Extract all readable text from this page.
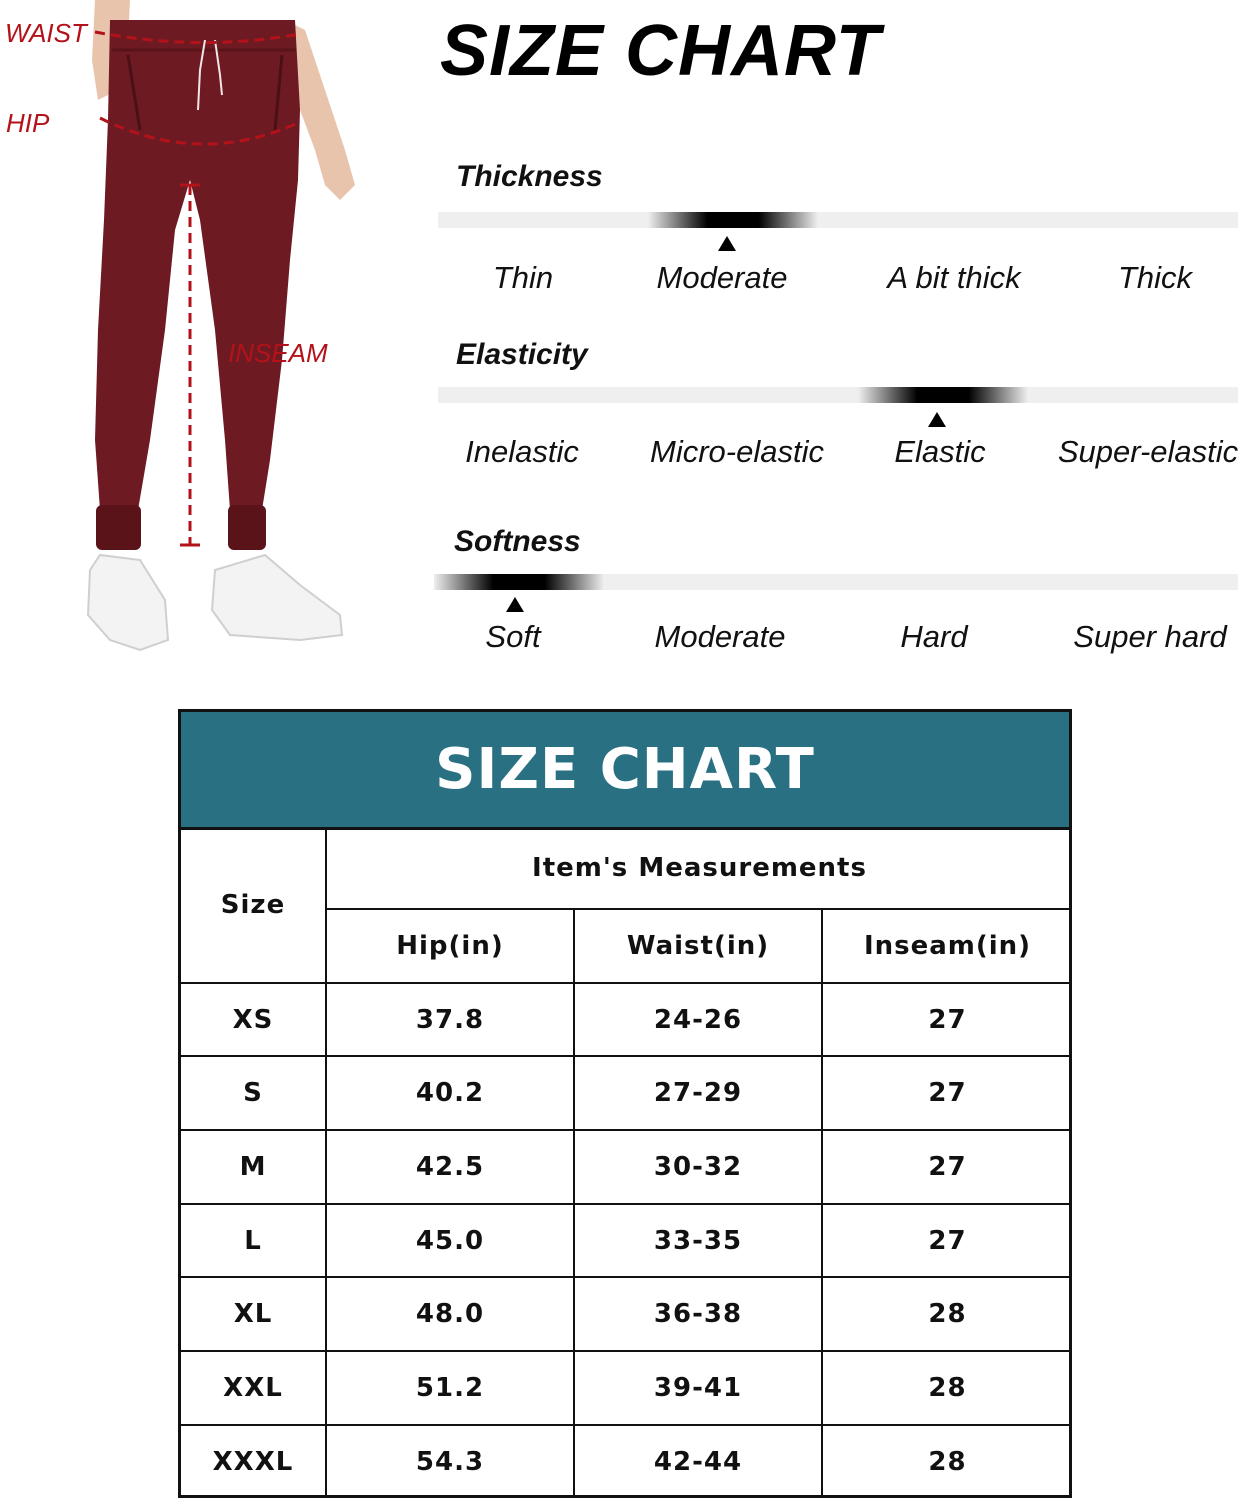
WAIST
HIP
INSEAM
SIZE CHART
Thickness
Thin	Moderate	A bit thick	Thick
Elasticity
Inelastic Micro-elastic Elastic Super-elastic
Softness
Soft	Moderate	Hard	Super hard
SIZE CHART
Size
Item's Measurements
Hip(in)	Waist(in)	Inseam(in)
XS	37.8	24-26	27
S	40.2	27-29	27
M	42.5	30-32	27
L	45.0	33-35	27
XL	48.0	36-38	28
XXL	51.2	39-41	28
XXXL	54.3	42-44	28
